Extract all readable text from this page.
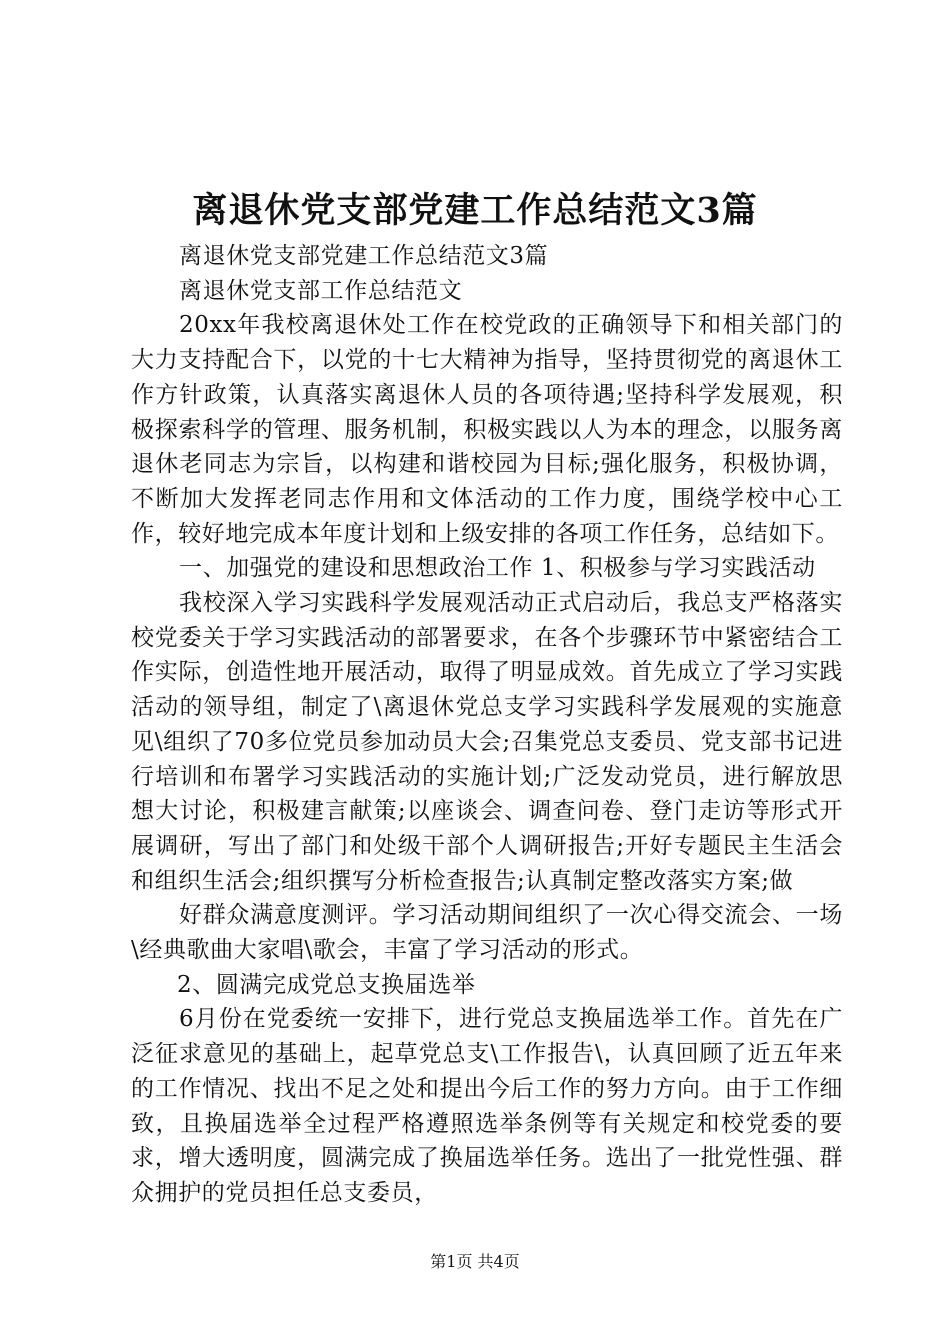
离退休党支部党建工作总结范文3篇

离退休党支部党建工作总结范文3篇

离退休党支部工作总结范文

20xx年我校离退休处工作在校党政的正确领导下和相关部门的大力支持配合下，以党的十七大精神为指导，坚持贯彻党的离退休工作方针政策，认真落实离退休人员的各项待遇;坚持科学发展观，积极探索科学的管理、服务机制，积极实践以人为本的理念，以服务离退休老同志为宗旨，以构建和谐校园为目标;强化服务，积极协调，不断加大发挥老同志作用和文体活动的工作力度，围绕学校中心工作，较好地完成本年度计划和上级安排的各项工作任务，总结如下。

一、加强党的建设和思想政治工作 1、积极参与学习实践活动

我校深入学习实践科学发展观活动正式启动后，我总支严格落实校党委关于学习实践活动的部署要求，在各个步骤环节中紧密结合工作实际，创造性地开展活动，取得了明显成效。首先成立了学习实践活动的领导组，制定了\离退休党总支学习实践科学发展观的实施意见\组织了70多位党员参加动员大会;召集党总支委员、党支部书记进行培训和布署学习实践活动的实施计划;广泛发动党员，进行解放思想大讨论，积极建言献策;以座谈会、调查问卷、登门走访等形式开展调研，写出了部门和处级干部个人调研报告;开好专题民主生活会和组织生活会;组织撰写分析检查报告;认真制定整改落实方案;做

好群众满意度测评。学习活动期间组织了一次心得交流会、一场\经典歌曲大家唱\歌会，丰富了学习活动的形式。

2、圆满完成党总支换届选举

6月份在党委统一安排下，进行党总支换届选举工作。首先在广泛征求意见的基础上，起草党总支\工作报告\，认真回顾了近五年来的工作情况、找出不足之处和提出今后工作的努力方向。由于工作细致，且换届选举全过程严格遵照选举条例等有关规定和校党委的要求，增大透明度，圆满完成了换届选举任务。选出了一批党性强、群众拥护的党员担任总支委员，

第1页 共4页
